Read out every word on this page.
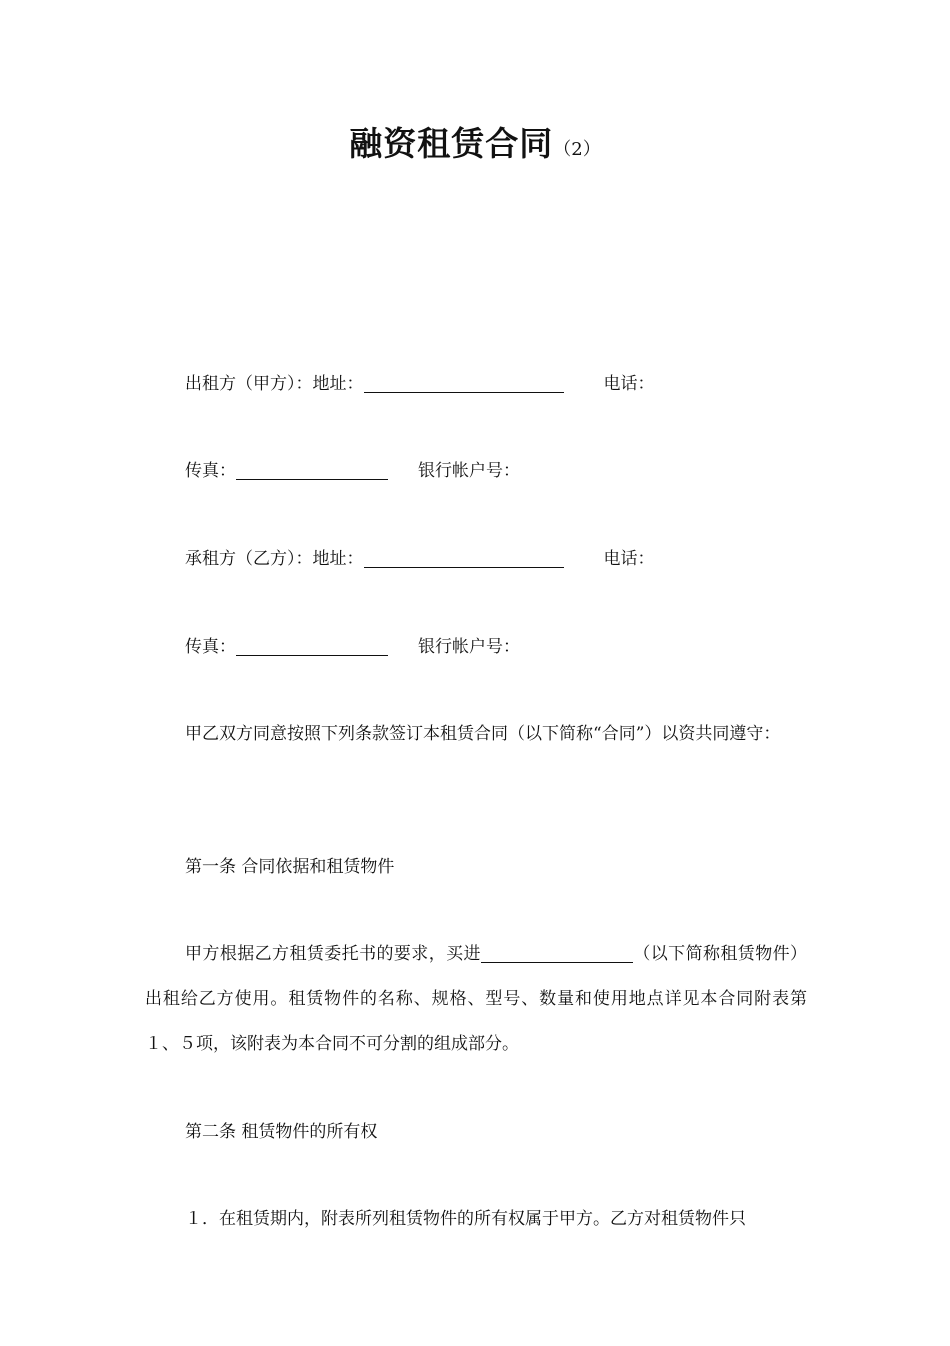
融资租赁合同（2）
出租方（甲方）：地址：	电话：
传真：	银行帐户号：
承租方（乙方）：地址：	电话：
传真：	银行帐户号：
甲乙双方同意按照下列条款签订本租赁合同（以下简称“合同”）以资共同遵守：
第一条 合同依据和租赁物件
甲方根据乙方租赁委托书的要求，买进	（以下简称租赁物件）出租给乙方使用。租赁物件的名称、规格、型号、数量和使用地点详见本合同附表第１、５项，该附表为本合同不可分割的组成部分。
第二条 租赁物件的所有权
１．在租赁期内，附表所列租赁物件的所有权属于甲方。乙方对租赁物件只
